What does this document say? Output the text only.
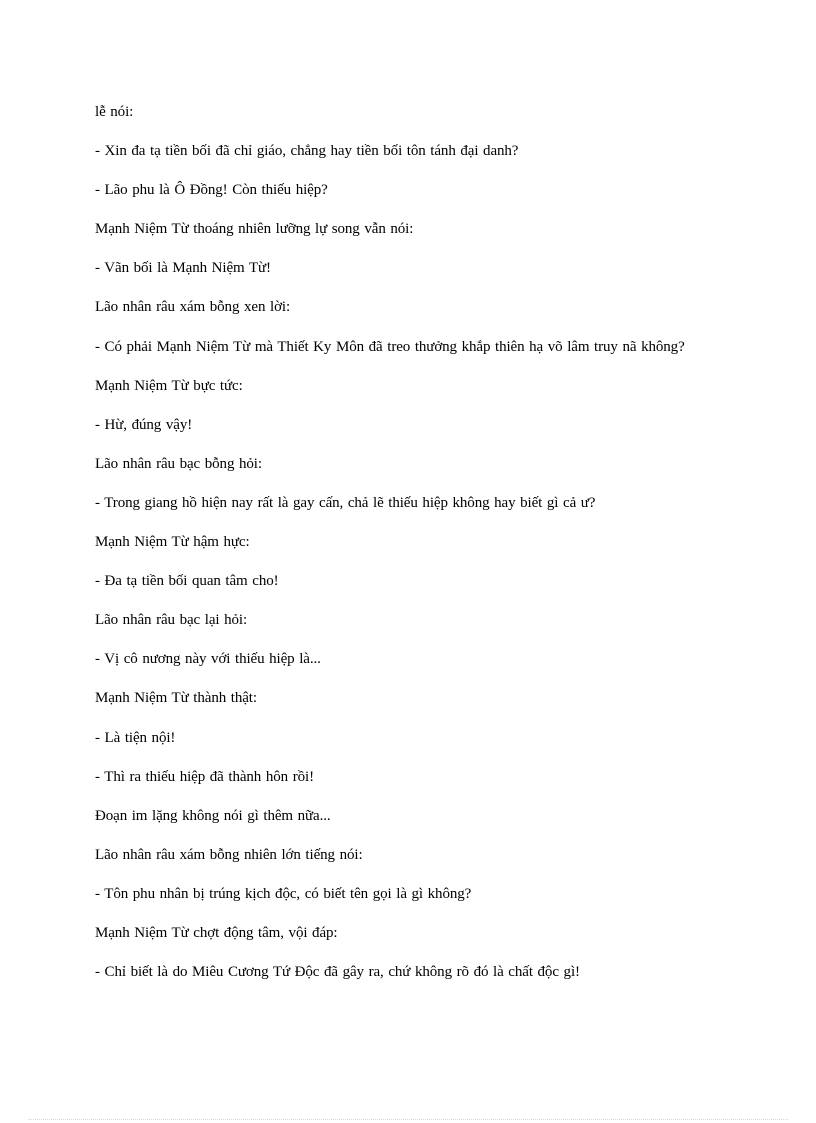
lễ nói:
- Xin đa tạ tiền bối đã chỉ giáo, chẳng hay tiền bối tôn tánh đại danh?
- Lão phu là Ô Đồng! Còn thiếu hiệp?
Mạnh Niệm Từ thoáng nhiên lưỡng lự song vẫn nói:
- Vãn bối là Mạnh Niệm Từ!
Lão nhân râu xám bỗng xen lời:
- Có phải Mạnh Niệm Từ mà Thiết Ky Môn đã treo thưởng khắp thiên hạ võ lâm truy nã không?
Mạnh Niệm Từ bực tức:
- Hừ, đúng vậy!
Lão nhân râu bạc bỗng hỏi:
- Trong giang hồ hiện nay rất là gay cấn, chả lẽ thiếu hiệp không hay biết gì cả ư?
Mạnh Niệm Từ hậm hực:
- Đa tạ tiền bối quan tâm cho!
Lão nhân râu bạc lại hỏi:
- Vị cô nương này với thiếu hiệp là...
Mạnh Niệm Từ thành thật:
- Là tiện nội!
- Thì ra thiếu hiệp đã thành hôn rồi!
Đoạn im lặng không nói gì thêm nữa...
Lão nhân râu xám bỗng nhiên lớn tiếng nói:
- Tôn phu nhân bị trúng kịch độc, có biết tên gọi là gì không?
Mạnh Niệm Từ chợt động tâm, vội đáp:
- Chỉ biết là do Miêu Cương Tứ Độc đã gây ra, chứ không rõ đó là chất độc gì!
